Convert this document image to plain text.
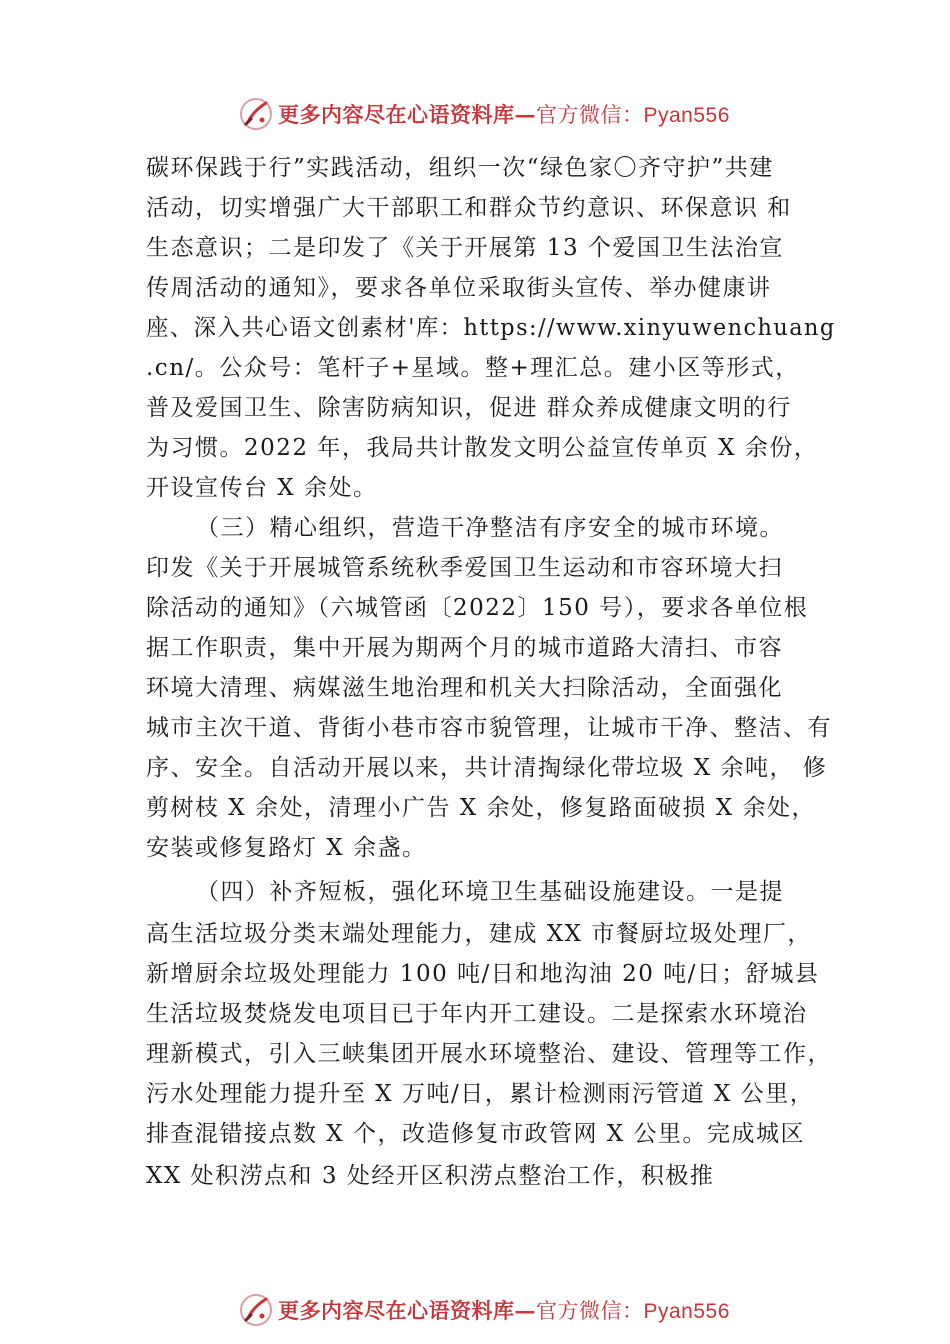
更多内容尽在心语资料库—官方微信：Pyan556
碳环保践于行”实践活动，组织一次“绿色家〇齐守护”共建
活动，切实增强广大干部职工和群众节约意识、环保意识 和
生态意识；二是印发了《关于开展第 13 个爱国卫生法治宣
传周活动的通知》，要求各单位采取街头宣传、举办健康讲
座、深入共心语文创素材'库：https://www.xinyuwenchuang
.cn/。公众号：笔杆子+星域。整+理汇总。建小区等形式，
普及爱国卫生、除害防病知识，促进 群众养成健康文明的行
为习惯。2022 年，我局共计散发文明公益宣传单页 X 余份，
开设宣传台 X 余处。
（三）精心组织，营造干净整洁有序安全的城市环境。
印发《关于开展城管系统秋季爱国卫生运动和市容环境大扫
除活动的通知》（六城管函〔2022〕150 号），要求各单位根
据工作职责，集中开展为期两个月的城市道路大清扫、市容
环境大清理、病媒滋生地治理和机关大扫除活动，全面强化
城市主次干道、背街小巷市容市貌管理，让城市干净、整洁、有
序、安全。自活动开展以来，共计清掏绿化带垃圾 X 余吨， 修
剪树枝 X 余处，清理小广告 X 余处，修复路面破损 X 余处，
安装或修复路灯 X 余盏。
（四）补齐短板，强化环境卫生基础设施建设。一是提
高生活垃圾分类末端处理能力，建成 XX 市餐厨垃圾处理厂，
新增厨余垃圾处理能力 100 吨/日和地沟油 20 吨/日；舒城县
生活垃圾焚烧发电项目已于年内开工建设。二是探索水环境治
理新模式，引入三峡集团开展水环境整治、建设、管理等工作，
污水处理能力提升至 X 万吨/日，累计检测雨污管道 X 公里，
排查混错接点数 X 个，改造修复市政管网 X 公里。完成城区
XX 处积涝点和 3 处经开区积涝点整治工作，积极推
更多内容尽在心语资料库—官方微信：Pyan556
